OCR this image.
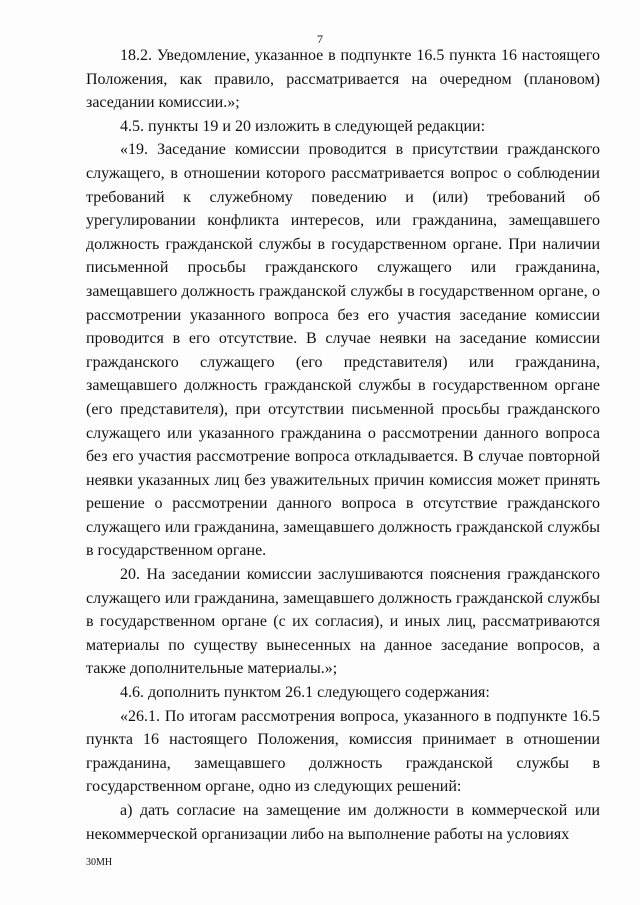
7

18.2. Уведомление, указанное в подпункте 16.5 пункта 16 настоящего Положения, как правило, рассматривается на очередном (плановом) заседании комиссии.»;

4.5. пункты 19 и 20 изложить в следующей редакции:

«19. Заседание комиссии проводится в присутствии гражданского служащего, в отношении которого рассматривается вопрос о соблюдении требований к служебному поведению и (или) требований об урегулировании конфликта интересов, или гражданина, замещавшего должность гражданской службы в государственном органе. При наличии письменной просьбы гражданского служащего или гражданина, замещавшего должность гражданской службы в государственном органе, о рассмотрении указанного вопроса без его участия заседание комиссии проводится в его отсутствие. В случае неявки на заседание комиссии гражданского служащего (его представителя) или гражданина, замещавшего должность гражданской службы в государственном органе (его представителя), при отсутствии письменной просьбы гражданского служащего или указанного гражданина о рассмотрении данного вопроса без его участия рассмотрение вопроса откладывается. В случае повторной неявки указанных лиц без уважительных причин комиссия может принять решение о рассмотрении данного вопроса в отсутствие гражданского служащего или гражданина, замещавшего должность гражданской службы в государственном органе.

20. На заседании комиссии заслушиваются пояснения гражданского служащего или гражданина, замещавшего должность гражданской службы в государственном органе (с их согласия), и иных лиц, рассматриваются материалы по существу вынесенных на данное заседание вопросов, а также дополнительные материалы.»;

4.6. дополнить пунктом 26.1 следующего содержания:

«26.1. По итогам рассмотрения вопроса, указанного в подпункте 16.5 пункта 16 настоящего Положения, комиссия принимает в отношении гражданина, замещавшего должность гражданской службы в государственном органе, одно из следующих решений:

а) дать согласие на замещение им должности в коммерческой или некоммерческой организации либо на выполнение работы на условиях

30МН
